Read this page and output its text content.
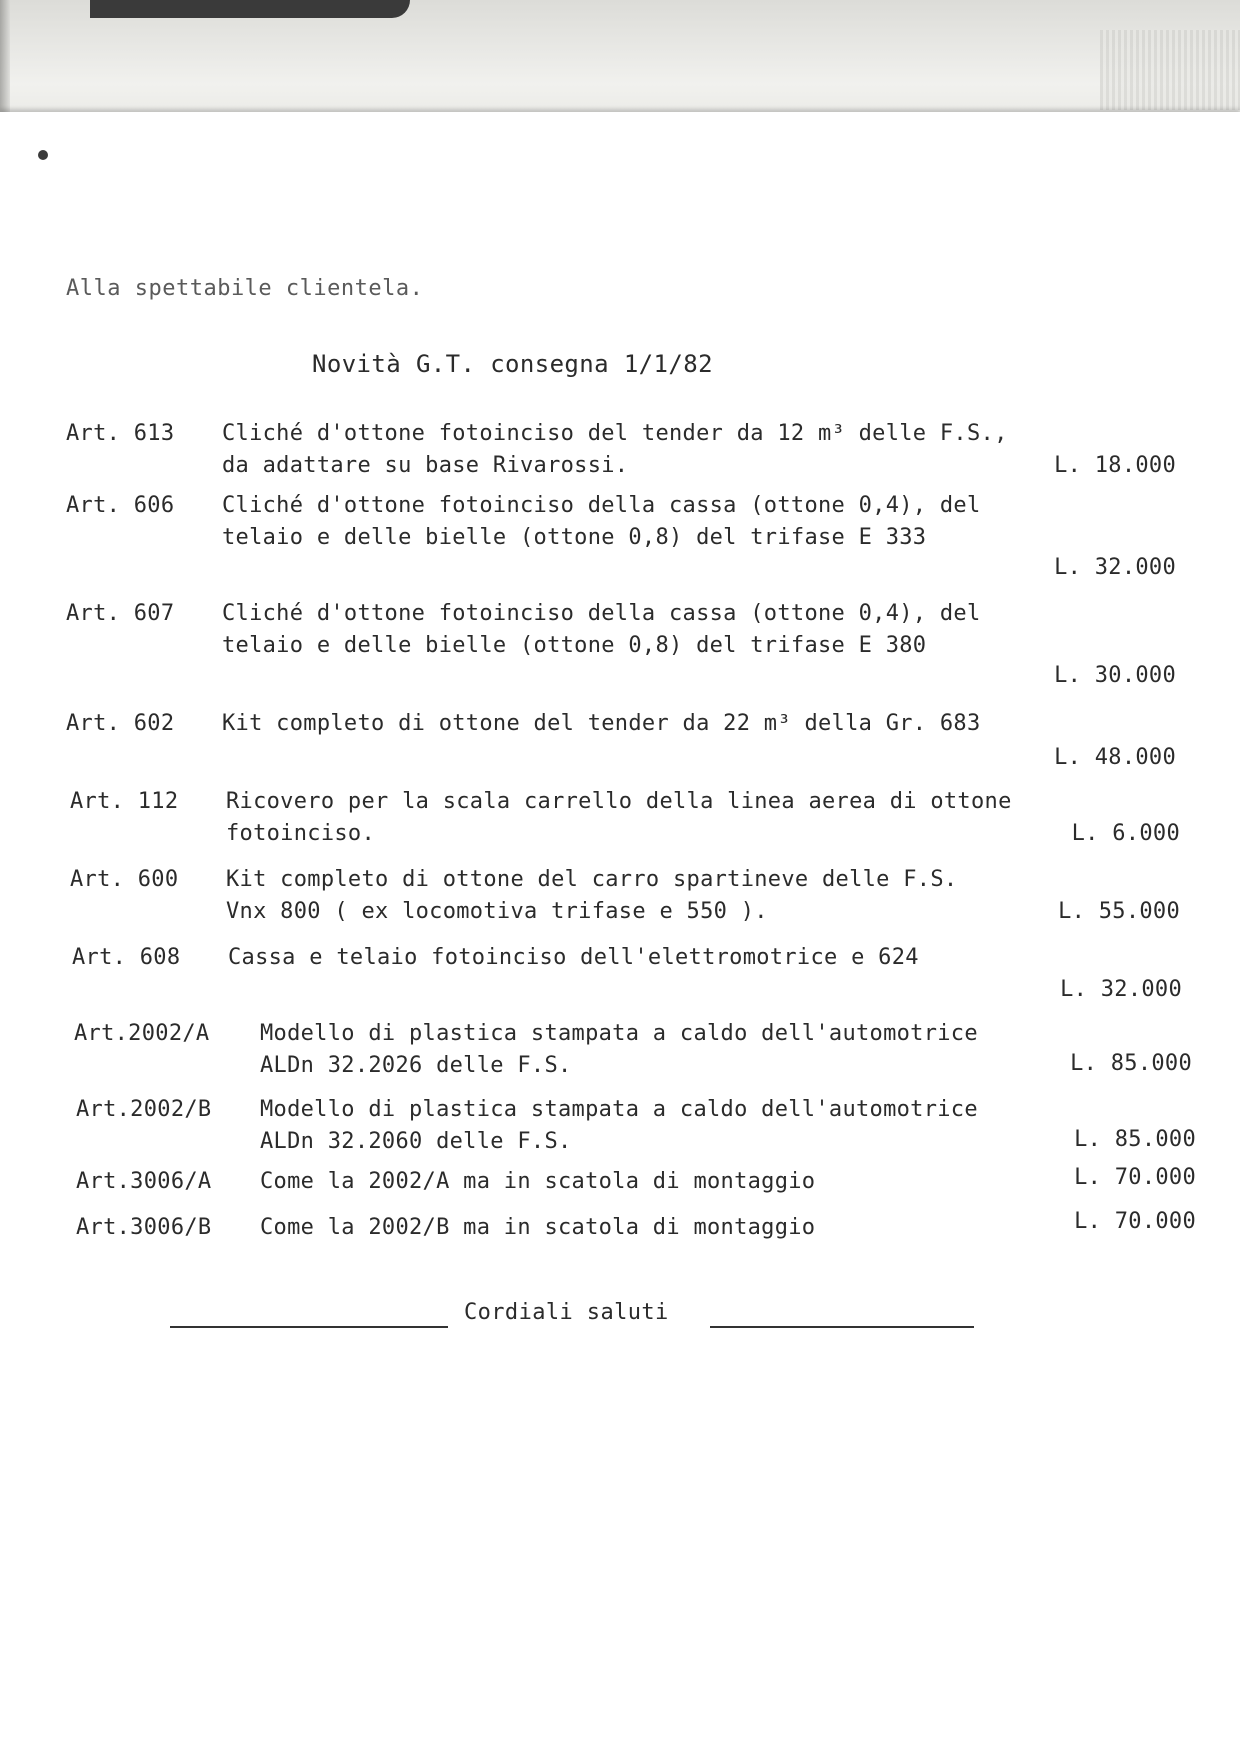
Alla spettabile clientela.
Novità G.T. consegna 1/1/82
Art. 613 Cliché d'ottone fotoinciso del tender da 12 m³ delle F.S.,
da adattare su base Rivarossi.	L. 18.000
Art. 606 Cliché d'ottone fotoinciso della cassa (ottone 0,4), del
telaio e delle bielle (ottone 0,8) del trifase E 333
L. 32.000
Art. 607 Cliché d'ottone fotoinciso della cassa (ottone 0,4), del
telaio e delle bielle (ottone 0,8) del trifase E 380
L. 30.000
Art. 602 Kit completo di ottone del tender da 22 m³ della Gr. 683
L. 48.000
Art. 112 Ricovero per la scala carrello della linea aerea di ottone
fotoinciso.	L. 6.000
Art. 600 Kit completo di ottone del carro spartineve delle F.S.
Vnx 800 ( ex locomotiva trifase e 550 ).	L. 55.000
Art. 608 Cassa e telaio fotoinciso dell'elettromotrice e 624
L. 32.000
Art.2002/A Modello di plastica stampata a caldo dell'automotrice
ALDn 32.2026 delle F.S.	L. 85.000
Art.2002/B Modello di plastica stampata a caldo dell'automotrice
ALDn 32.2060 delle F.S.	L. 85.000
Art.3006/A Come la 2002/A ma in scatola di montaggio	L. 70.000
Art.3006/B Come la 2002/B ma in scatola di montaggio	L. 70.000
Cordiali saluti
